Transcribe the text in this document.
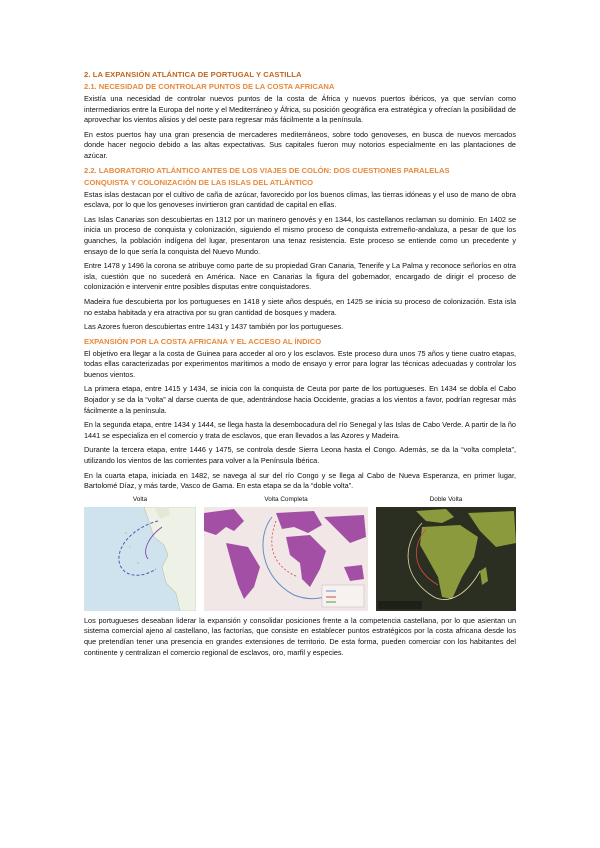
2. LA EXPANSIÓN ATLÁNTICA DE PORTUGAL Y CASTILLA
2.1. NECESIDAD DE CONTROLAR PUNTOS DE LA COSTA AFRICANA

Existía una necesidad de controlar nuevos puntos de la costa de África y nuevos puertos ibéricos, ya que servían como intermediarios entre la Europa del norte y el Mediterráneo y África, su posición geográfica era estratégica y ofrecían la posibilidad de aprovechar los vientos alisios y del oeste para regresar más fácilmente a la península.

En estos puertos hay una gran presencia de mercaderes mediterráneos, sobre todo genoveses, en busca de nuevos mercados donde hacer negocio debido a las altas expectativas. Sus capitales fueron muy notorios especialmente en las plantaciones de azúcar.

2.2. LABORATORIO ATLÁNTICO ANTES DE LOS VIAJES DE COLÓN: DOS CUESTIONES PARALELAS
CONQUISTA Y COLONIZACIÓN DE LAS ISLAS DEL ATLÁNTICO

Estas islas destacan por el cultivo de caña de azúcar, favorecido por los buenos climas, las tierras idóneas y el uso de mano de obra esclava, por lo que los genoveses invirtieron gran cantidad de capital en ellas.

Las Islas Canarias son descubiertas en 1312 por un marinero genovés y en 1344, los castellanos reclaman su dominio. En 1402 se inicia un proceso de conquista y colonización, siguiendo el mismo proceso de conquista extremeño-andaluza, a pesar de que los guanches, la población indígena del lugar, presentaron una tenaz resistencia. Este proceso se entiende como un precedente y ensayo de lo que sería la conquista del Nuevo Mundo.

Entre 1478 y 1496 la corona se atribuye como parte de su propiedad Gran Canaria, Tenerife y La Palma y reconoce señoríos en otra isla, cuestión que no sucederá en América. Nace en Canarias la figura del gobernador, encargado de dirigir el proceso de colonización e intervenir entre posibles disputas entre conquistadores.

Madeira fue descubierta por los portugueses en 1418 y siete años después, en 1425 se inicia su proceso de colonización. Esta isla no estaba habitada y era atractiva por su gran cantidad de bosques y madera.

Las Azores fueron descubiertas entre 1431 y 1437 también por los portugueses.

EXPANSIÓN POR LA COSTA AFRICANA Y EL ACCESO AL ÍNDICO

El objetivo era llegar a la costa de Guinea para acceder al oro y los esclavos. Este proceso dura unos 75 años y tiene cuatro etapas, todas ellas caracterizadas por experimentos marítimos a modo de ensayo y error para lograr las técnicas adecuadas y controlar los buenos vientos.

La primera etapa, entre 1415 y 1434, se inicia con la conquista de Ceuta por parte de los portugueses. En 1434 se dobla el Cabo Bojador y se da la “volta” al darse cuenta de que, adentrándose hacia Occidente, gracias a los vientos a favor, podrían regresar más fácilmente a la península.

En la segunda etapa, entre 1434 y 1444, se llega hasta la desembocadura del río Senegal y las Islas de Cabo Verde. A partir de la ño 1441 se especializa en el comercio y trata de esclavos, que eran llevados a las Azores y Madeira.

Durante la tercera etapa, entre 1446 y 1475, se controla desde Sierra Leona hasta el Congo. Además, se da la “volta completa”, utilizando los vientos de las corrientes para volver a la Península Ibérica.

En la cuarta etapa, iniciada en 1482, se navega al sur del río Congo y se llega al Cabo de Nueva Esperanza, en primer lugar, Bartolomé Díaz, y más tarde, Vasco de Gama. En esta etapa se da la “doble volta”.

Volta	Volta Completa	Doble Volta

Los portugueses deseaban liderar la expansión y consolidar posiciones frente a la competencia castellana, por lo que asientan un sistema comercial ajeno al castellano, las factorías, que consiste en establecer puntos estratégicos por la costa africana desde los que pretendían tener una presencia en grandes extensiones de territorio. De esta forma, pueden comerciar con los habitantes del continente y centralizan el comercio regional de esclavos, oro, marfil y especies.
